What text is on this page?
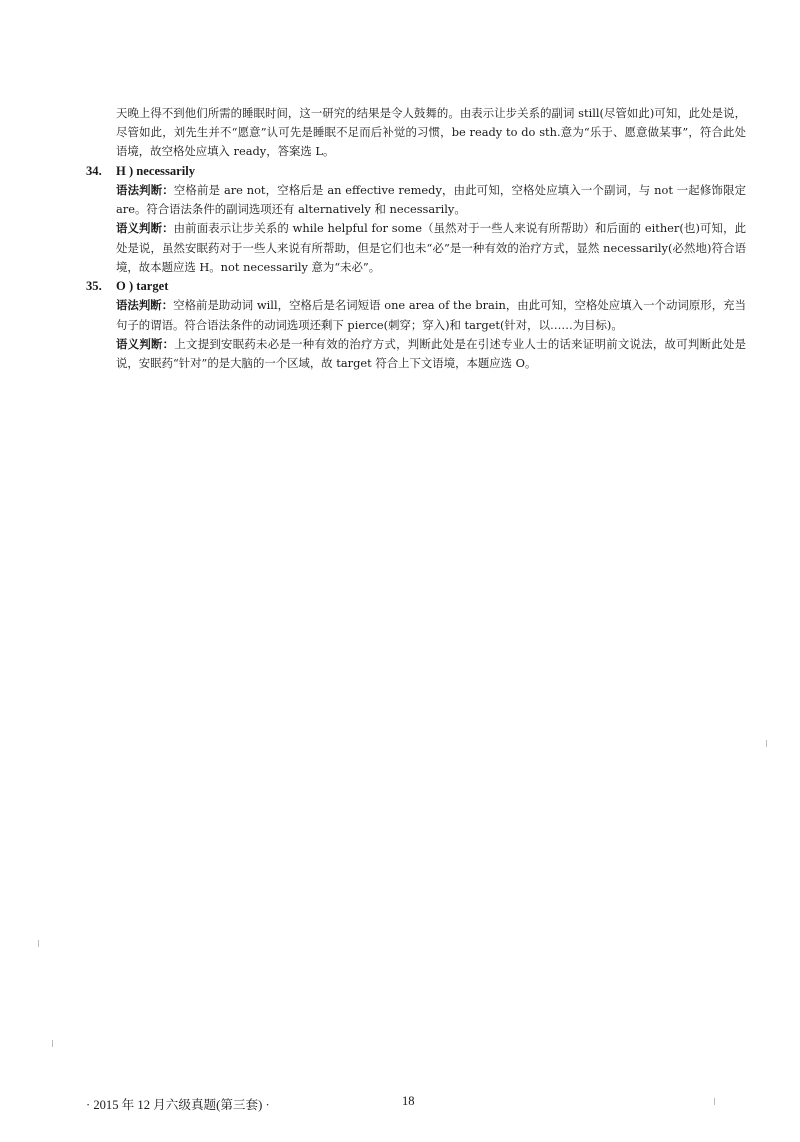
天晚上得不到他们所需的睡眠时间，这一研究的结果是令人鼓舞的。由表示让步关系的副词 still(尽管如此)可知，此处是说，尽管如此，刘先生并不“愿意”认可先是睡眠不足而后补觉的习惯，be ready to do sth.意为“乐于、愿意做某事”，符合此处语境，故空格处应填入 ready，答案选 L。

34. H ) necessarily

语法判断：空格前是 are not，空格后是 an effective remedy，由此可知，空格处应填入一个副词，与 not 一起修饰限定 are。符合语法条件的副词选项还有 alternatively 和 necessarily。

语义判断：由前面表示让步关系的 while helpful for some（虽然对于一些人来说有所帮助）和后面的 either(也)可知，此处是说，虽然安眠药对于一些人来说有所帮助，但是它们也未“必”是一种有效的治疗方式，显然 necessarily(必然地)符合语境，故本题应选 H。not necessarily 意为“未必”。

35. O ) target

语法判断：空格前是助动词 will，空格后是名词短语 one area of the brain，由此可知，空格处应填入一个动词原形，充当句子的谓语。符合语法条件的动词选项还剩下 pierce(刺穿；穿入)和 target(针对，以……为目标)。

语义判断：上文提到安眠药未必是一种有效的治疗方式，判断此处是在引述专业人士的话来证明前文说法，故可判断此处是说，安眠药“针对”的是大脑的一个区域，故 target 符合上下文语境，本题应选 O。

· 2015 年 12 月六级真题(第三套) ·	18
